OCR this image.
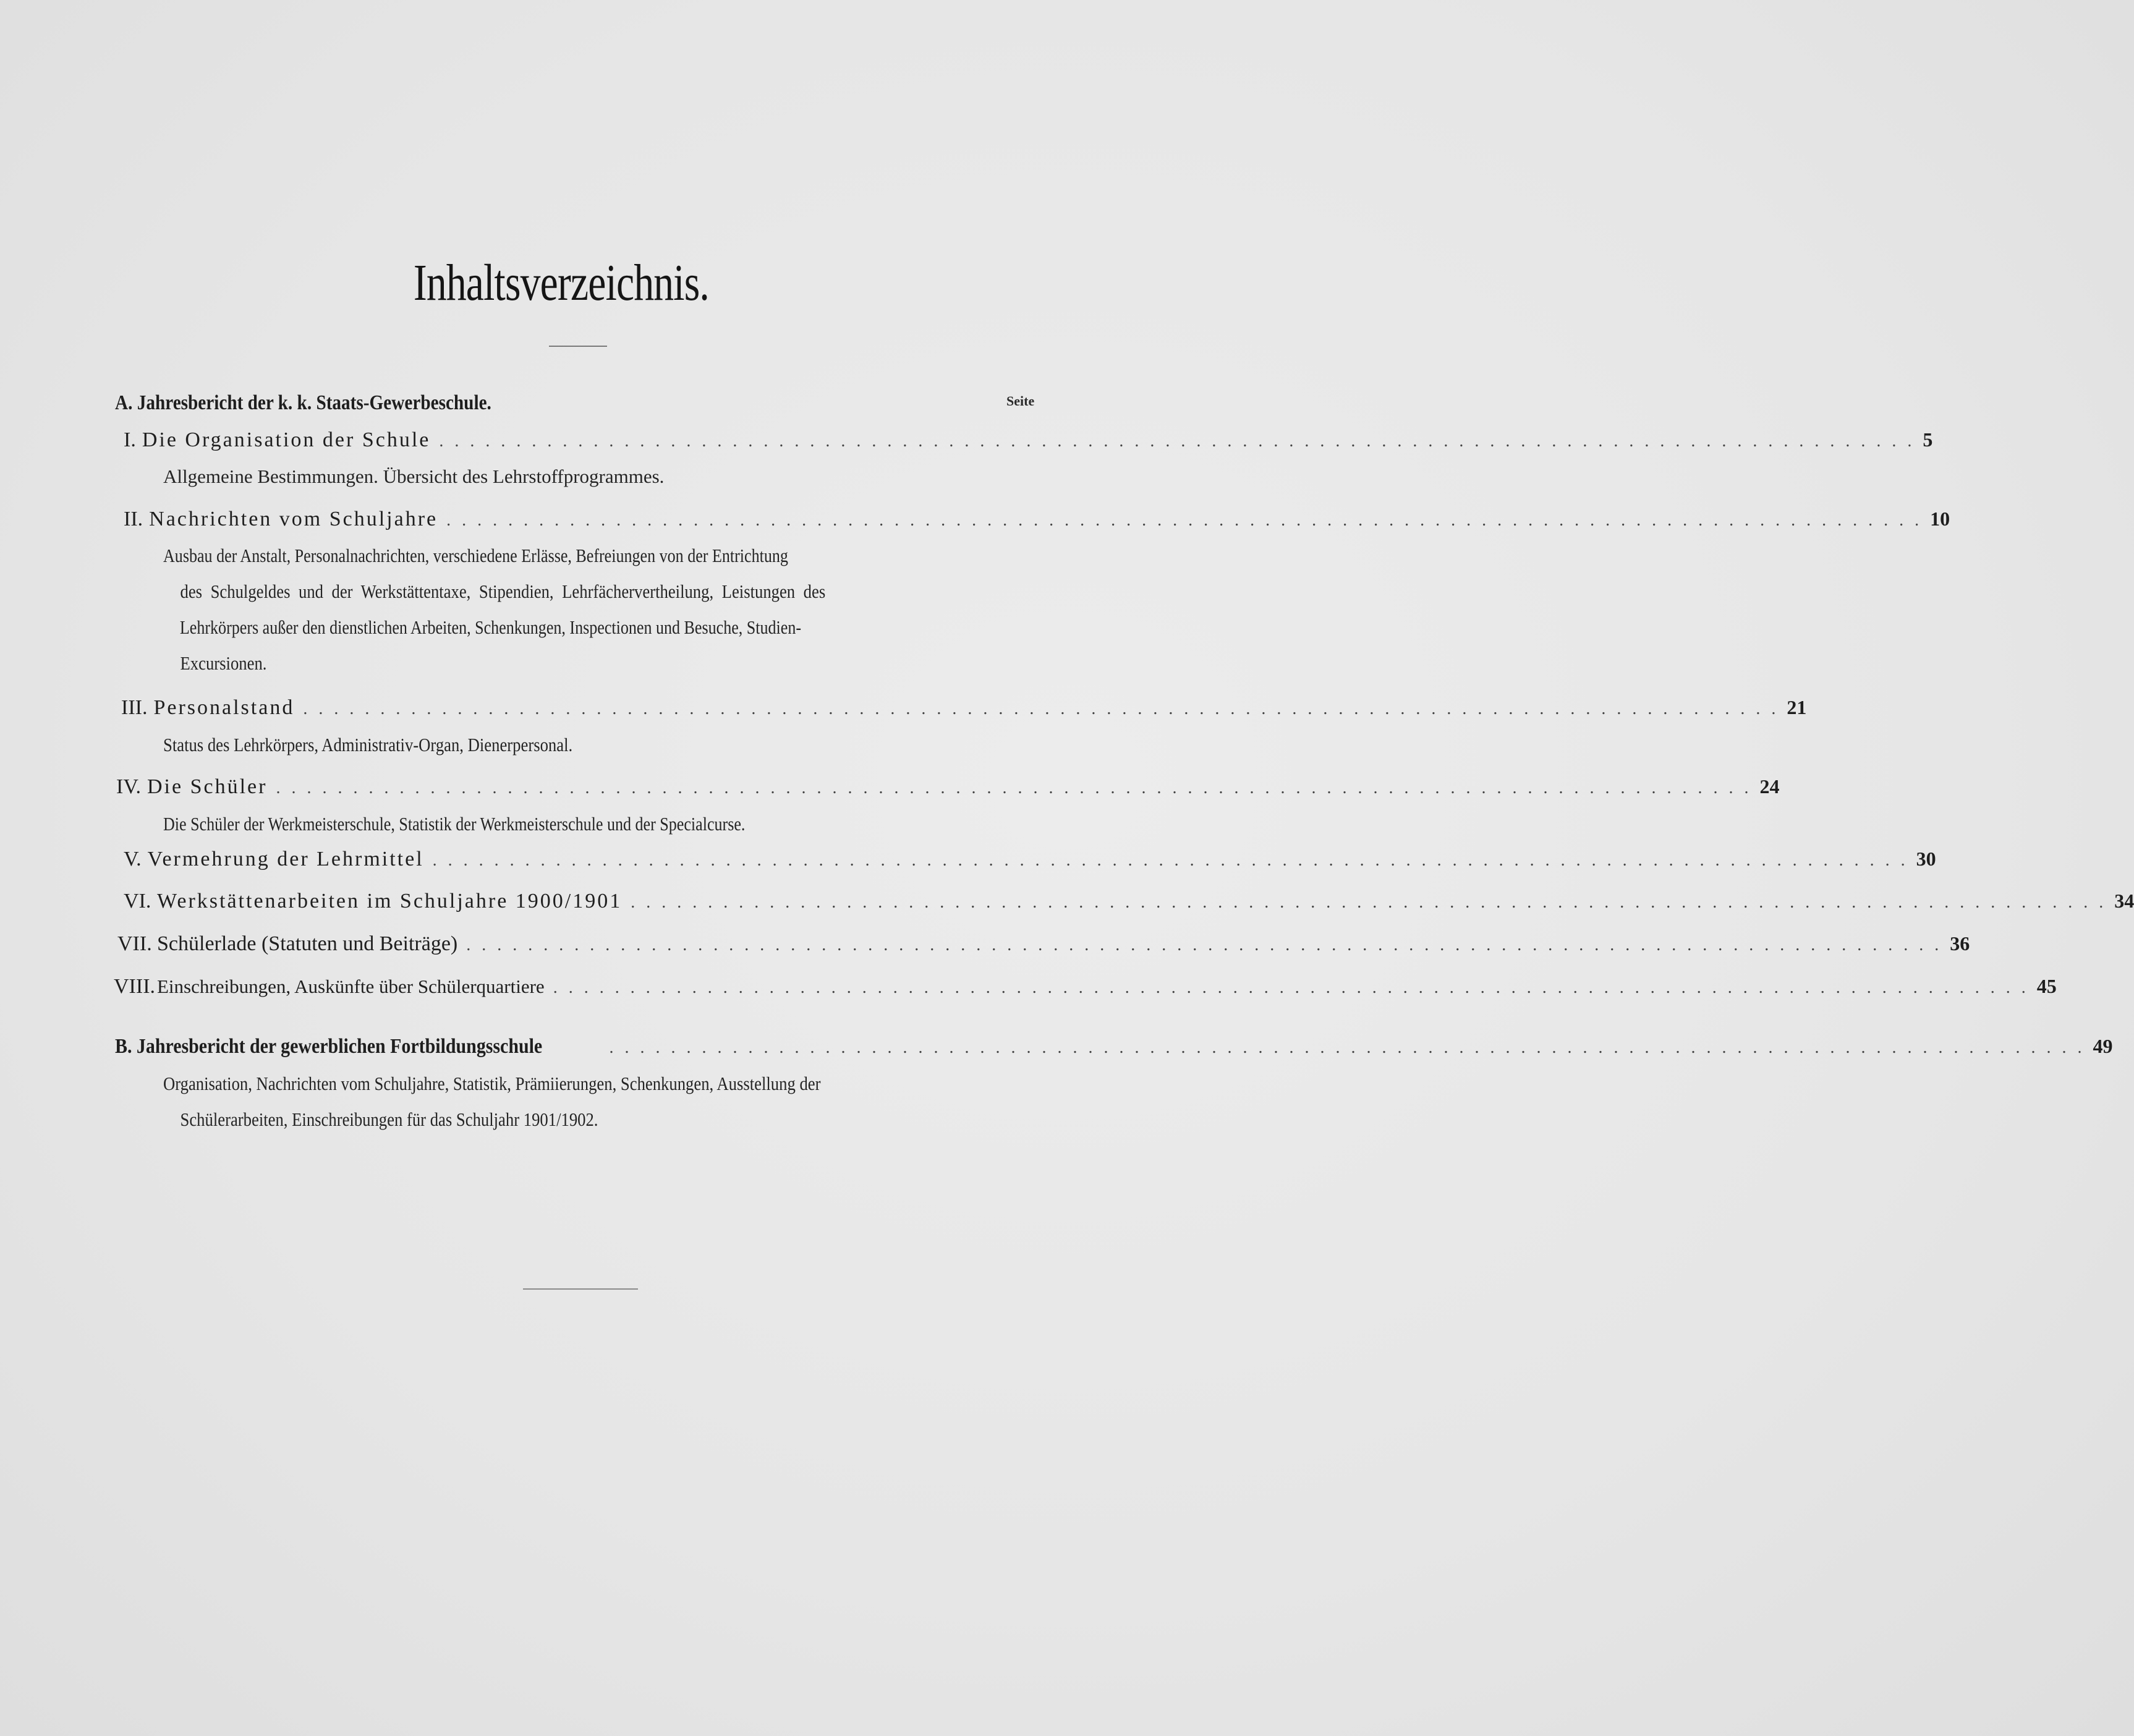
Inhaltsverzeichnis.
Seite
A. Jahresbericht der k. k. Staats-Gewerbeschule.
I. Die Organisation der Schule ................................................................................................ 5
Allgemeine Bestimmungen. Übersicht des Lehrstoffprogrammes.
II. Nachrichten vom Schuljahre ................................................................................................ 10
Ausbau der Anstalt, Personalnachrichten, verschiedene Erlässe, Befreiungen von der Entrichtung
des Schulgeldes und der Werkstättentaxe, Stipendien, Lehrfächervertheilung, Leistungen des
Lehrkörpers außer den dienstlichen Arbeiten, Schenkungen, Inspectionen und Besuche, Studien-
Excursionen.
III. Personalstand ................................................................................................ 21
Status des Lehrkörpers, Administrativ-Organ, Dienerpersonal.
IV. Die Schüler ................................................................................................ 24
Die Schüler der Werkmeisterschule, Statistik der Werkmeisterschule und der Specialcurse.
V. Vermehrung der Lehrmittel ................................................................................................ 30
VI. Werkstättenarbeiten im Schuljahre 1900/1901 ................................................................................................ 34
VII. Schülerlade (Statuten und Beiträge) ................................................................................................ 36
VIII. Einschreibungen, Auskünfte über Schülerquartiere ................................................................................................ 45
B. Jahresbericht der gewerblichen Fortbildungsschule	................................................................................................ 49
Organisation, Nachrichten vom Schuljahre, Statistik, Prämiierungen, Schenkungen, Ausstellung der
Schülerarbeiten, Einschreibungen für das Schuljahr 1901/1902.
